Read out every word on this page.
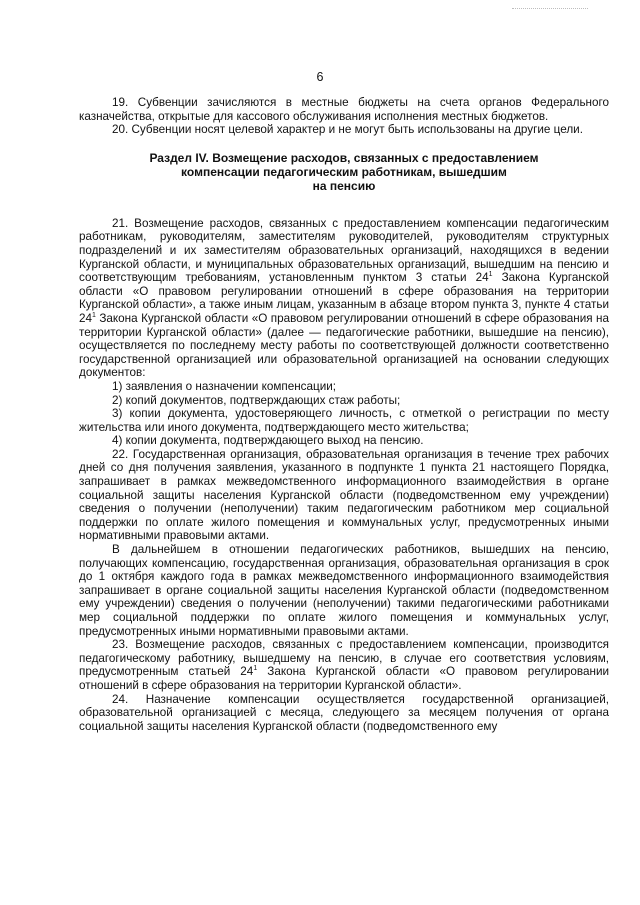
6

19. Субвенции зачисляются в местные бюджеты на счета органов Федерального казначейства, открытые для кассового обслуживания исполнения местных бюджетов.

20. Субвенции носят целевой характер и не могут быть использованы на другие цели.

Раздел IV. Возмещение расходов, связанных с предоставлением
компенсации педагогическим работникам, вышедшим
на пенсию

21. Возмещение расходов, связанных с предоставлением компенсации педагогическим работникам, руководителям, заместителям руководителей, руководителям структурных подразделений и их заместителям образовательных организаций, находящихся в ведении Курганской области, и муниципальных образовательных организаций, вышедшим на пенсию и соответствующим требованиям, установленным пунктом 3 статьи $24^1$ Закона Курганской области «О правовом регулировании отношений в сфере образования на территории Курганской области», а также иным лицам, указанным в абзаце втором пункта 3, пункте 4 статьи $24^1$ Закона Курганской области «О правовом регулировании отношений в сфере образования на территории Курганской области» (далее — педагогические работники, вышедшие на пенсию), осуществляется по последнему месту работы по соответствующей должности соответственно государственной организацией или образовательной организацией на основании следующих документов:

1) заявления о назначении компенсации;

2) копий документов, подтверждающих стаж работы;

3) копии документа, удостоверяющего личность, с отметкой о регистрации по месту жительства или иного документа, подтверждающего место жительства;

4) копии документа, подтверждающего выход на пенсию.

22. Государственная организация, образовательная организация в течение трех рабочих дней со дня получения заявления, указанного в подпункте 1 пункта 21 настоящего Порядка, запрашивает в рамках межведомственного информационного взаимодействия в органе социальной защиты населения Курганской области (подведомственном ему учреждении) сведения о получении (неполучении) таким педагогическим работником мер социальной поддержки по оплате жилого помещения и коммунальных услуг, предусмотренных иными нормативными правовыми актами.

В дальнейшем в отношении педагогических работников, вышедших на пенсию, получающих компенсацию, государственная организация, образовательная организация в срок до 1 октября каждого года в рамках межведомственного информационного взаимодействия запрашивает в органе социальной защиты населения Курганской области (подведомственном ему учреждении) сведения о получении (неполучении) такими педагогическими работниками мер социальной поддержки по оплате жилого помещения и коммунальных услуг, предусмотренных иными нормативными правовыми актами.

23. Возмещение расходов, связанных с предоставлением компенсации, производится педагогическому работнику, вышедшему на пенсию, в случае его соответствия условиям, предусмотренным статьей $24^1$ Закона Курганской области «О правовом регулировании отношений в сфере образования на территории Курганской области».

24. Назначение компенсации осуществляется государственной организацией, образовательной организацией с месяца, следующего за месяцем получения от органа социальной защиты населения Курганской области (подведомственного ему
